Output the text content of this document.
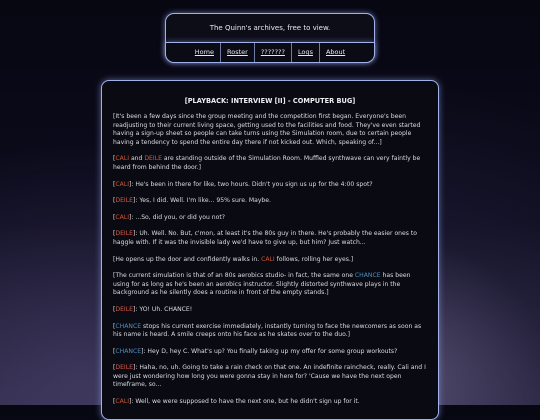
The Quinn's archives, free to view.
Home	Roster	???????	Logs	About
[PLAYBACK: INTERVIEW [II] - COMPUTER BUG]

[It's been a few days since the group meeting and the competition first began. Everyone's been readjusting to their current living space, getting used to the facilities and food. They've even started having a sign-up sheet so people can take turns using the Simulation room, due to certain people having a tendency to spend the entire day there if not kicked out. Which, speaking of...]

[CALI and DEILE are standing outside of the Simulation Room. Muffled synthwave can very faintly be heard from behind the door.]

[CALI]: He's been in there for like, two hours. Didn't you sign us up for the 4:00 spot?

[DEILE]: Yes, I did. Well. I'm like... 95% sure. Maybe.

[CALI]: ...So, did you, or did you not?

[DEILE]: Uh. Well. No. But, c'mon, at least it's the 80s guy in there. He's probably the easier ones to haggle with. If it was the invisible lady we'd have to give up, but him? Just watch...

[He opens up the door and confidently walks in. CALI follows, rolling her eyes.]

[The current simulation is that of an 80s aerobics studio- in fact, the same one CHANCE has been using for as long as he's been an aerobics instructor. Slightly distorted synthwave plays in the background as he silently does a routine in front of the empty stands.]

[DEILE]: YO! Uh. CHANCE!

[CHANCE stops his current exercise immediately, instantly turning to face the newcomers as soon as his name is heard. A smile creeps onto his face as he skates over to the duo.]

[CHANCE]: Hey D, hey C. What's up? You finally taking up my offer for some group workouts?

[DEILE]: Haha, no, uh. Going to take a rain check on that one. An indefinite raincheck, really. Cali and I were just wondering how long you were gonna stay in here for? 'Cause we have the next open timeframe, so...

[CALI]: Well, we were supposed to have the next one, but he didn't sign up for it.
